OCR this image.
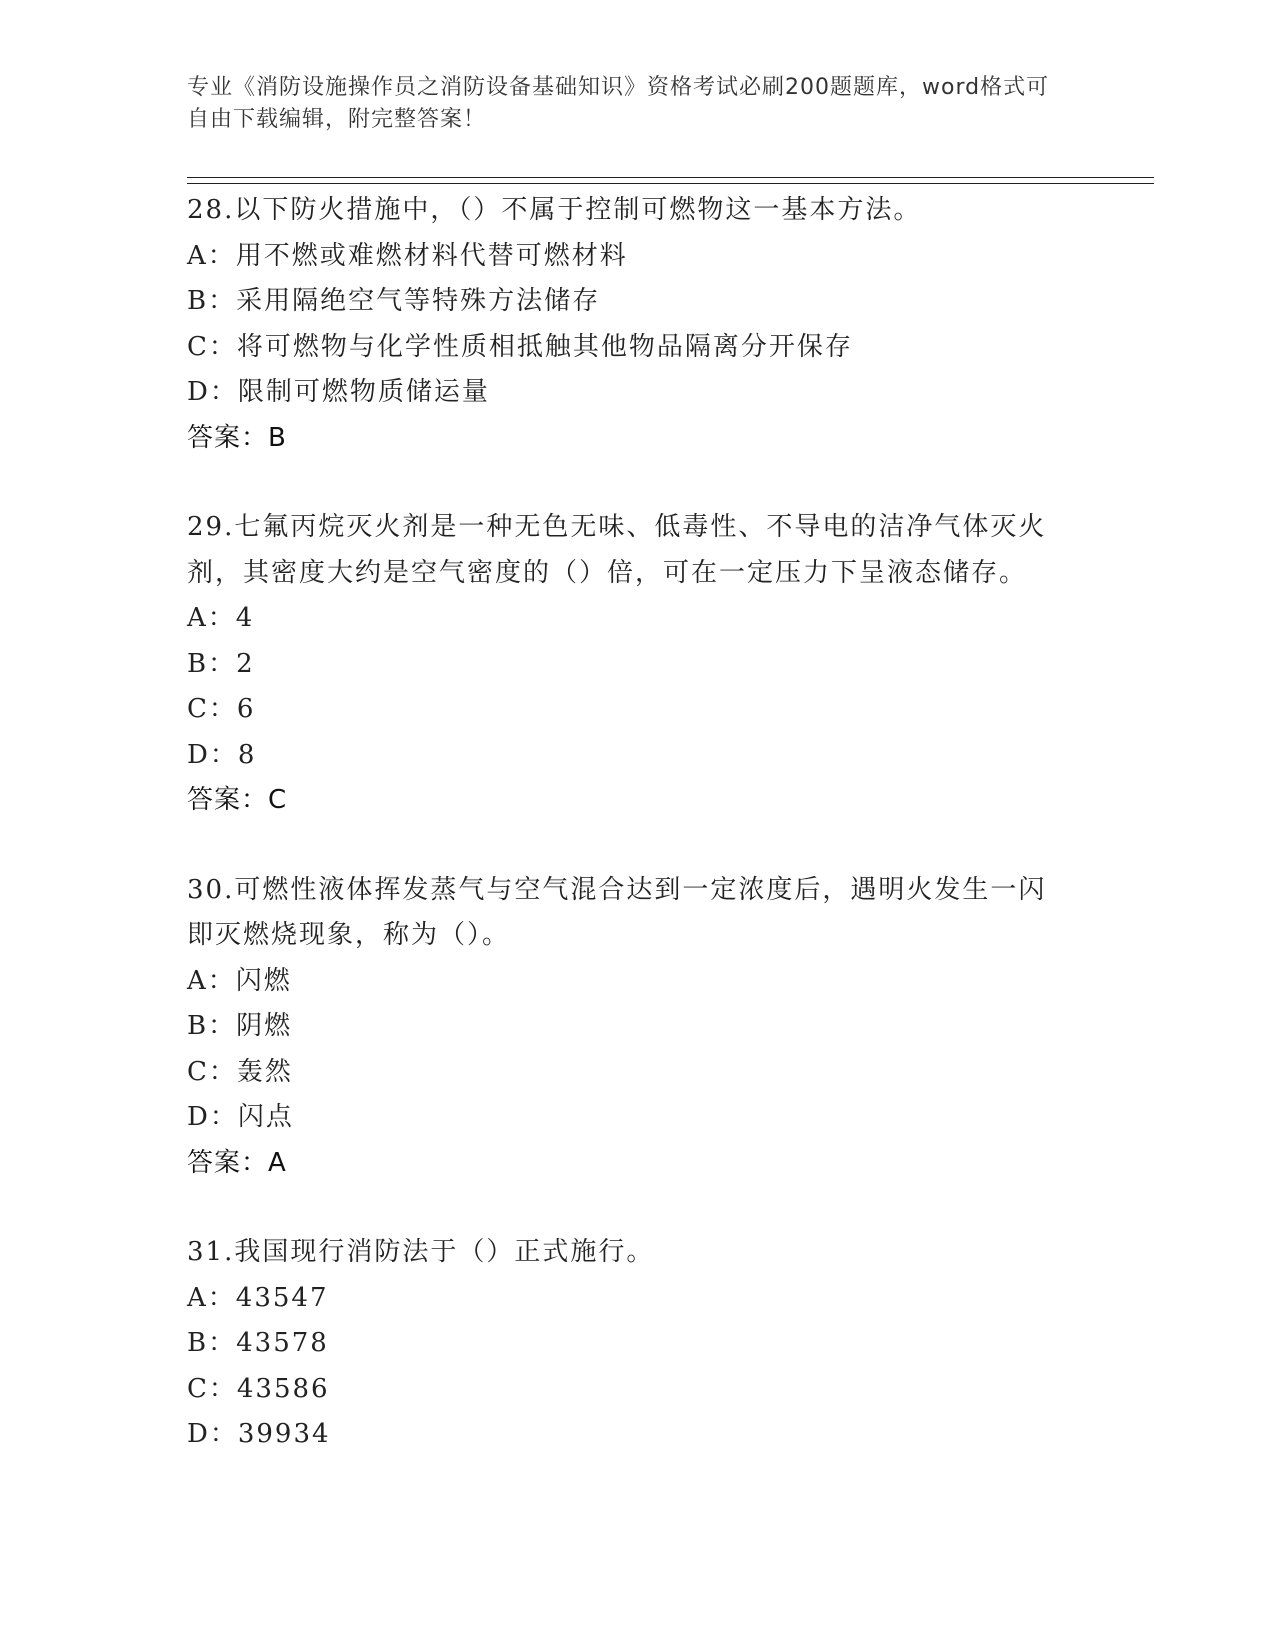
专业《消防设施操作员之消防设备基础知识》资格考试必刷200题题库，word格式可自由下载编辑，附完整答案！
28.以下防火措施中，（）不属于控制可燃物这一基本方法。
A：用不燃或难燃材料代替可燃材料
B：采用隔绝空气等特殊方法储存
C：将可燃物与化学性质相抵触其他物品隔离分开保存
D：限制可燃物质储运量
答案：B
29.七氟丙烷灭火剂是一种无色无味、低毒性、不导电的洁净气体灭火剂，其密度大约是空气密度的（）倍，可在一定压力下呈液态储存。
A：4
B：2
C：6
D：8
答案：C
30.可燃性液体挥发蒸气与空气混合达到一定浓度后，遇明火发生一闪即灭燃烧现象，称为（）。
A：闪燃
B：阴燃
C：轰然
D：闪点
答案：A
31.我国现行消防法于（）正式施行。
A：43547
B：43578
C：43586
D：39934
